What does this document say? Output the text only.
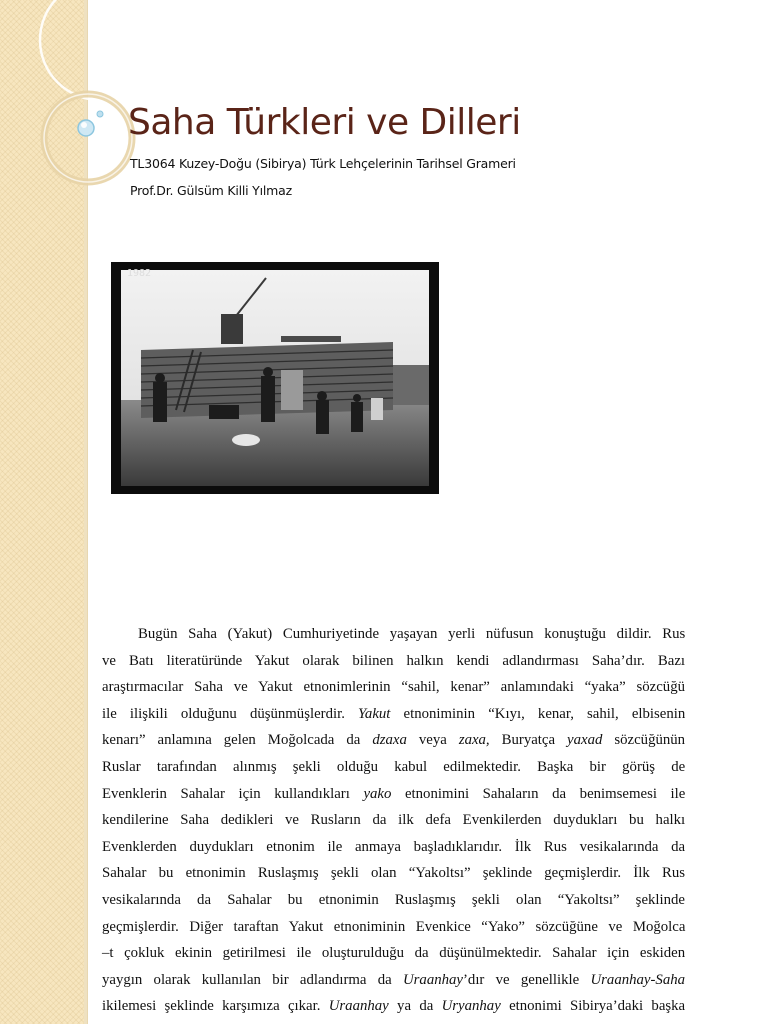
Saha Türkleri ve Dilleri

TL3064 Kuzey-Doğu (Sibirya) Türk Lehçelerinin Tarihsel Grameri

Prof.Dr. Gülsüm Killi Yılmaz

1982
Bugün Saha (Yakut) Cumhuriyetinde yaşayan yerli nüfusun konuştuğu dildir. Rus
ve Batı literatüründe Yakut olarak bilinen halkın kendi adlandırması Saha’dır. Bazı
araştırmacılar Saha ve Yakut etnonimlerinin “sahil, kenar” anlamındaki “yaka” sözcüğü
ile ilişkili olduğunu düşünmüşlerdir. Yakut etnoniminin “Kıyı, kenar, sahil, elbisenin
kenarı” anlamına gelen Moğolcada da dzaxa veya zaxa, Buryatça yaxad sözcüğünün
Ruslar tarafından alınmış şekli olduğu kabul edilmektedir. Başka bir görüş de
Evenklerin Sahalar için kullandıkları yako etnonimini Sahaların da benimsemesi ile
kendilerine Saha dedikleri ve Rusların da ilk defa Evenkilerden duydukları bu halkı
Evenklerden duydukları etnonim ile anmaya başladıklarıdır. İlk Rus vesikalarında da
Sahalar bu etnonimin Ruslaşmış şekli olan “Yakoltsı” şeklinde geçmişlerdir. İlk Rus
vesikalarında da Sahalar bu etnonimin Ruslaşmış şekli olan “Yakoltsı” şeklinde
geçmişlerdir. Diğer taraftan Yakut etnoniminin Evenkice “Yako” sözcüğüne ve Moğolca
–t çokluk ekinin getirilmesi ile oluşturulduğu da düşünülmektedir. Sahalar için eskiden
yaygın olarak kullanılan bir adlandırma da Uraanhay’dır ve genellikle Uraanhay-Saha
ikilemesi şeklinde karşımıza çıkar. Uraanhay ya da Uryanhay etnonimi Sibirya’daki başka
